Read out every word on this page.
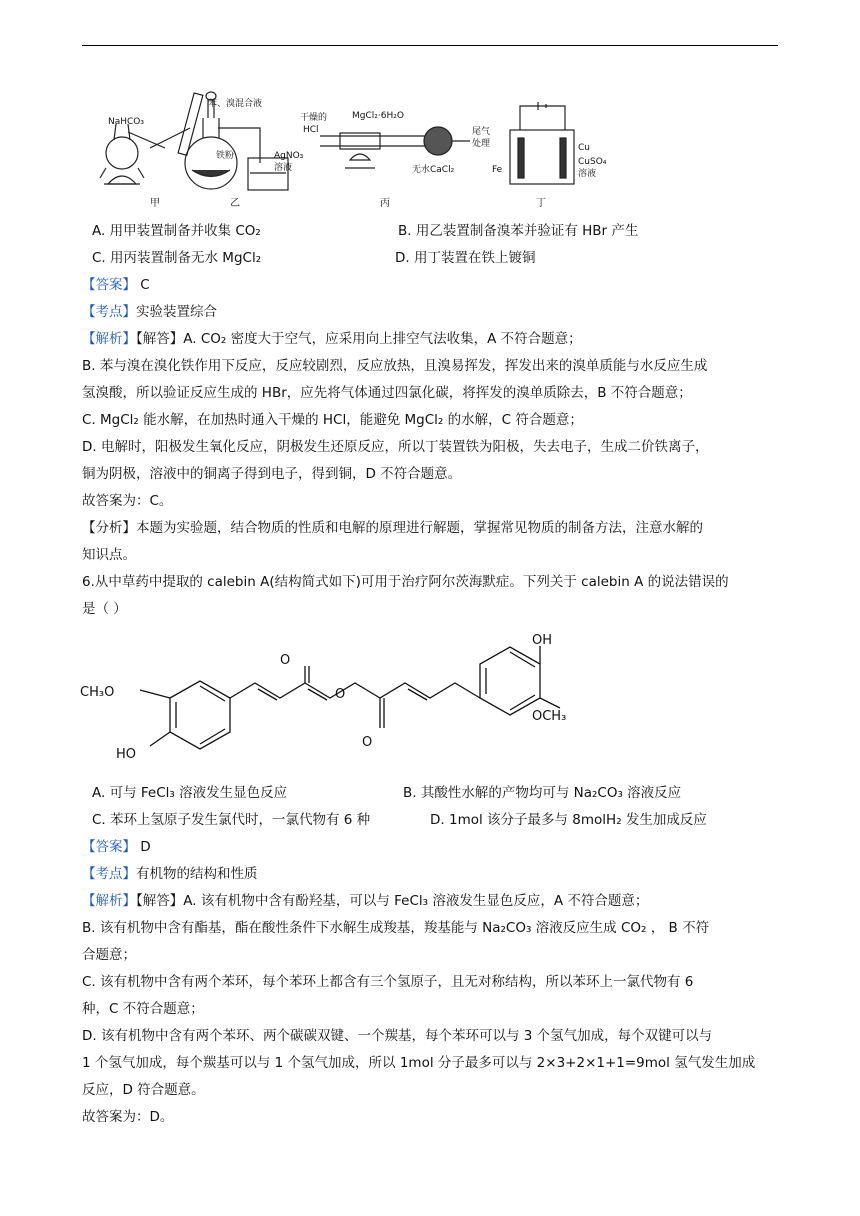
NaHCO₃
甲
苯、溴混合液
铁粉	AgNO₃
溶液
乙
干燥的
HCl
MgCl₂·6H₂O
尾气
处理
无水CaCl₂
丙
Cu
CuSO₄
溶液
Fe
丁
A. 用甲装置制备并收集 CO₂	B. 用乙装置制备溴苯并验证有 HBr 产生
C. 用丙装置制备无水 MgCl₂	D. 用丁装置在铁上镀铜
【答案】 C
【考点】实验装置综合
【解析】【解答】A. CO₂ 密度大于空气，应采用向上排空气法收集，A 不符合题意；
B. 苯与溴在溴化铁作用下反应，反应较剧烈，反应放热，且溴易挥发，挥发出来的溴单质能与水反应生成
氢溴酸，所以验证反应生成的 HBr，应先将气体通过四氯化碳，将挥发的溴单质除去，B 不符合题意；
C. MgCl₂ 能水解，在加热时通入干燥的 HCl，能避免 MgCl₂ 的水解，C 符合题意；
D. 电解时，阳极发生氧化反应，阴极发生还原反应，所以丁装置铁为阳极，失去电子，生成二价铁离子，
铜为阴极，溶液中的铜离子得到电子，得到铜，D 不符合题意。
故答案为：C。
【分析】本题为实验题，结合物质的性质和电解的原理进行解题，掌握常见物质的制备方法，注意水解的
知识点。
6.从中草药中提取的 calebin A(结构简式如下)可用于治疗阿尔茨海默症。下列关于 calebin A 的说法错误的
是（ ）
CH₃O
HO
O
O
O
OH
OCH₃
A. 可与 FeCl₃ 溶液发生显色反应	B. 其酸性水解的产物均可与 Na₂CO₃ 溶液反应
C. 苯环上氢原子发生氯代时，一氯代物有 6 种	D. 1mol 该分子最多与 8molH₂ 发生加成反应
【答案】 D
【考点】有机物的结构和性质
【解析】【解答】A. 该有机物中含有酚羟基，可以与 FeCl₃ 溶液发生显色反应，A 不符合题意；
B. 该有机物中含有酯基，酯在酸性条件下水解生成羧基，羧基能与 Na₂CO₃ 溶液反应生成 CO₂ ， B 不符
合题意；
C. 该有机物中含有两个苯环，每个苯环上都含有三个氢原子，且无对称结构，所以苯环上一氯代物有 6
种，C 不符合题意；
D. 该有机物中含有两个苯环、两个碳碳双键、一个羰基，每个苯环可以与 3 个氢气加成，每个双键可以与
1 个氢气加成，每个羰基可以与 1 个氢气加成，所以 1mol 分子最多可以与 2×3+2×1+1=9mol 氢气发生加成
反应，D 符合题意。
故答案为：D。
